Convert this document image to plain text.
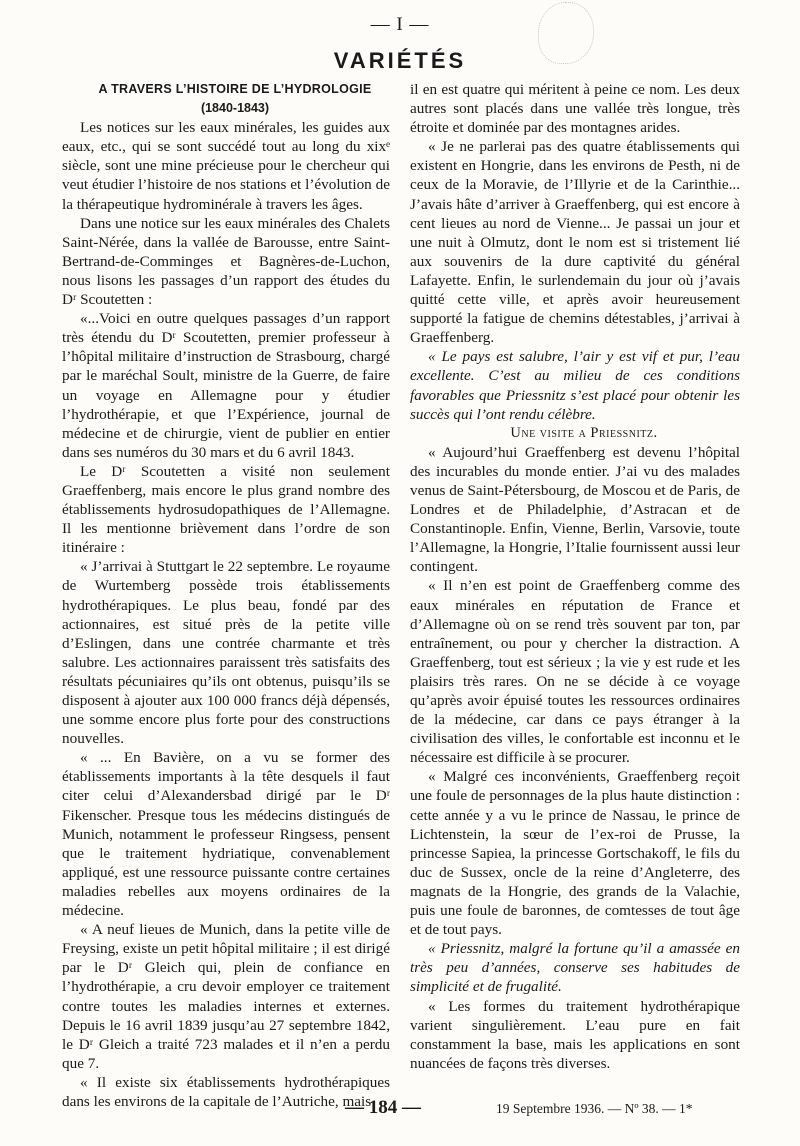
— I —
VARIÉTÉS

A TRAVERS L’HISTOIRE DE L’HYDROLOGIE

(1840-1843)

Les notices sur les eaux minérales, les guides aux eaux, etc., qui se sont succédé tout au long du xixᵉ siècle, sont une mine précieuse pour le chercheur qui veut étudier l’histoire de nos stations et l’évolution de la thérapeutique hydrominérale à travers les âges.

Dans une notice sur les eaux minérales des Chalets Saint-Nérée, dans la vallée de Barousse, entre Saint-Bertrand-de-Comminges et Bagnères-de-Luchon, nous lisons les passages d’un rapport des études du Dʳ Scoutetten :

«...Voici en outre quelques passages d’un rapport très étendu du Dʳ Scoutetten, premier professeur à l’hôpital militaire d’instruction de Strasbourg, chargé par le maréchal Soult, ministre de la Guerre, de faire un voyage en Allemagne pour y étudier l’hydrothérapie, et que l’Expérience, journal de médecine et de chirurgie, vient de publier en entier dans ses numéros du 30 mars et du 6 avril 1843.

Le Dʳ Scoutetten a visité non seulement Graeffenberg, mais encore le plus grand nombre des établissements hydrosudopathiques de l’Allemagne. Il les mentionne brièvement dans l’ordre de son itinéraire :

« J’arrivai à Stuttgart le 22 septembre. Le royaume de Wurtemberg possède trois établissements hydrothérapiques. Le plus beau, fondé par des actionnaires, est situé près de la petite ville d’Eslingen, dans une contrée charmante et très salubre. Les actionnaires paraissent très satisfaits des résultats pécuniaires qu’ils ont obtenus, puisqu’ils se disposent à ajouter aux 100 000 francs déjà dépensés, une somme encore plus forte pour des constructions nouvelles.

« ... En Bavière, on a vu se former des établissements importants à la tête desquels il faut citer celui d’Alexandersbad dirigé par le Dʳ Fikenscher. Presque tous les médecins distingués de Munich, notamment le professeur Ringsess, pensent que le traitement hydriatique, convenablement appliqué, est une ressource puissante contre certaines maladies rebelles aux moyens ordinaires de la médecine.

« A neuf lieues de Munich, dans la petite ville de Freysing, existe un petit hôpital militaire ; il est dirigé par le Dʳ Gleich qui, plein de confiance en l’hydrothérapie, a cru devoir employer ce traitement contre toutes les maladies internes et externes. Depuis le 16 avril 1839 jusqu’au 27 septembre 1842, le Dʳ Gleich a traité 723 malades et il n’en a perdu que 7.

« Il existe six établissements hydrothérapiques dans les environs de la capitale de l’Autriche, mais

il en est quatre qui méritent à peine ce nom. Les deux autres sont placés dans une vallée très longue, très étroite et dominée par des montagnes arides.

« Je ne parlerai pas des quatre établissements qui existent en Hongrie, dans les environs de Pesth, ni de ceux de la Moravie, de l’Illyrie et de la Carinthie... J’avais hâte d’arriver à Graeffenberg, qui est encore à cent lieues au nord de Vienne... Je passai un jour et une nuit à Olmutz, dont le nom est si tristement lié aux souvenirs de la dure captivité du général Lafayette. Enfin, le surlendemain du jour où j’avais quitté cette ville, et après avoir heureusement supporté la fatigue de chemins détestables, j’arrivai à Graeffenberg.

« Le pays est salubre, l’air y est vif et pur, l’eau excellente. C’est au milieu de ces conditions favorables que Priessnitz s’est placé pour obtenir les succès qui l’ont rendu célèbre.

Une visite a Priessnitz.

« Aujourd’hui Graeffenberg est devenu l’hôpital des incurables du monde entier. J’ai vu des malades venus de Saint-Pétersbourg, de Moscou et de Paris, de Londres et de Philadelphie, d’Astracan et de Constantinople. Enfin, Vienne, Berlin, Varsovie, toute l’Allemagne, la Hongrie, l’Italie fournissent aussi leur contingent.

« Il n’en est point de Graeffenberg comme des eaux minérales en réputation de France et d’Allemagne où on se rend très souvent par ton, par entraînement, ou pour y chercher la distraction. A Graeffenberg, tout est sérieux ; la vie y est rude et les plaisirs très rares. On ne se décide à ce voyage qu’après avoir épuisé toutes les ressources ordinaires de la médecine, car dans ce pays étranger à la civilisation des villes, le confortable est inconnu et le nécessaire est difficile à se procurer.

« Malgré ces inconvénients, Graeffenberg reçoit une foule de personnages de la plus haute distinction : cette année y a vu le prince de Nassau, le prince de Lichtenstein, la sœur de l’ex-roi de Prusse, la princesse Sapiea, la princesse Gortschakoff, le fils du duc de Sussex, oncle de la reine d’Angleterre, des magnats de la Hongrie, des grands de la Valachie, puis une foule de baronnes, de comtesses de tout âge et de tout pays.

« Priessnitz, malgré la fortune qu’il a amassée en très peu d’années, conserve ses habitudes de simplicité et de frugalité.

« Les formes du traitement hydrothérapique varient singulièrement. L’eau pure en fait constamment la base, mais les applications en sont nuancées de façons très diverses.

— 184 —	19 Septembre 1936. — Nº 38. — 1*
